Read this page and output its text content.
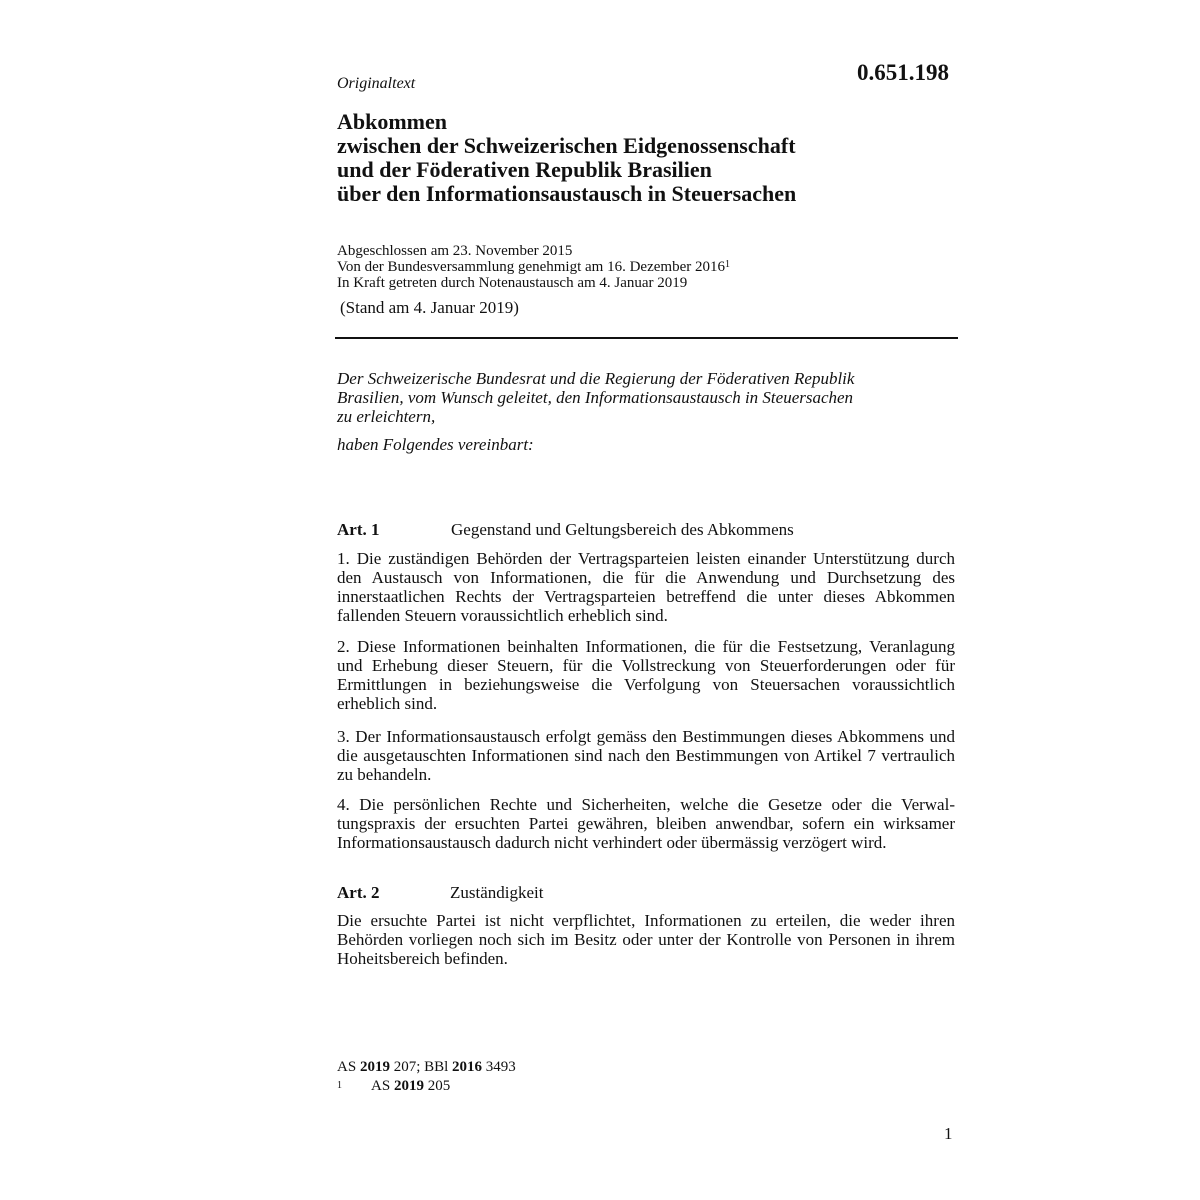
0.651.198
Originaltext
Abkommen
zwischen der Schweizerischen Eidgenossenschaft
und der Föderativen Republik Brasilien
über den Informationsaustausch in Steuersachen
Abgeschlossen am 23. November 2015
Von der Bundesversammlung genehmigt am 16. Dezember 2016$^1$
In Kraft getreten durch Notenaustausch am 4. Januar 2019
(Stand am 4. Januar 2019)
Der Schweizerische Bundesrat und die Regierung der Föderativen Republik
Brasilien, vom Wunsch geleitet, den Informationsaustausch in Steuersachen
zu erleichtern,
haben Folgendes vereinbart:
Art. 1	Gegenstand und Geltungsbereich des Abkommens

1. Die zuständigen Behörden der Vertragsparteien leisten einander Unterstützung durch den Austausch von Informationen, die für die Anwendung und Durchsetzung des innerstaatlichen Rechts der Vertragsparteien betreffend die unter dieses Abkommen fallenden Steuern voraussichtlich erheblich sind.

2. Diese Informationen beinhalten Informationen, die für die Festsetzung, Veranlagung und Erhebung dieser Steuern, für die Vollstreckung von Steuerforderungen oder für Ermittlungen in beziehungsweise die Verfolgung von Steuersachen voraussichtlich erheblich sind.

3. Der Informationsaustausch erfolgt gemäss den Bestimmungen dieses Abkommens und die ausgetauschten Informationen sind nach den Bestimmungen von Artikel 7 vertraulich zu behandeln.

4. Die persönlichen Rechte und Sicherheiten, welche die Gesetze oder die Verwaltungspraxis der ersuchten Partei gewähren, bleiben anwendbar, sofern ein wirksamer Informationsaustausch dadurch nicht verhindert oder übermässig verzögert wird.

Art. 2	Zuständigkeit

Die ersuchte Partei ist nicht verpflichtet, Informationen zu erteilen, die weder ihren Behörden vorliegen noch sich im Besitz oder unter der Kontrolle von Personen in ihrem Hoheitsbereich befinden.

AS 2019 207; BBl 2016 3493
1 AS 2019 205
1
